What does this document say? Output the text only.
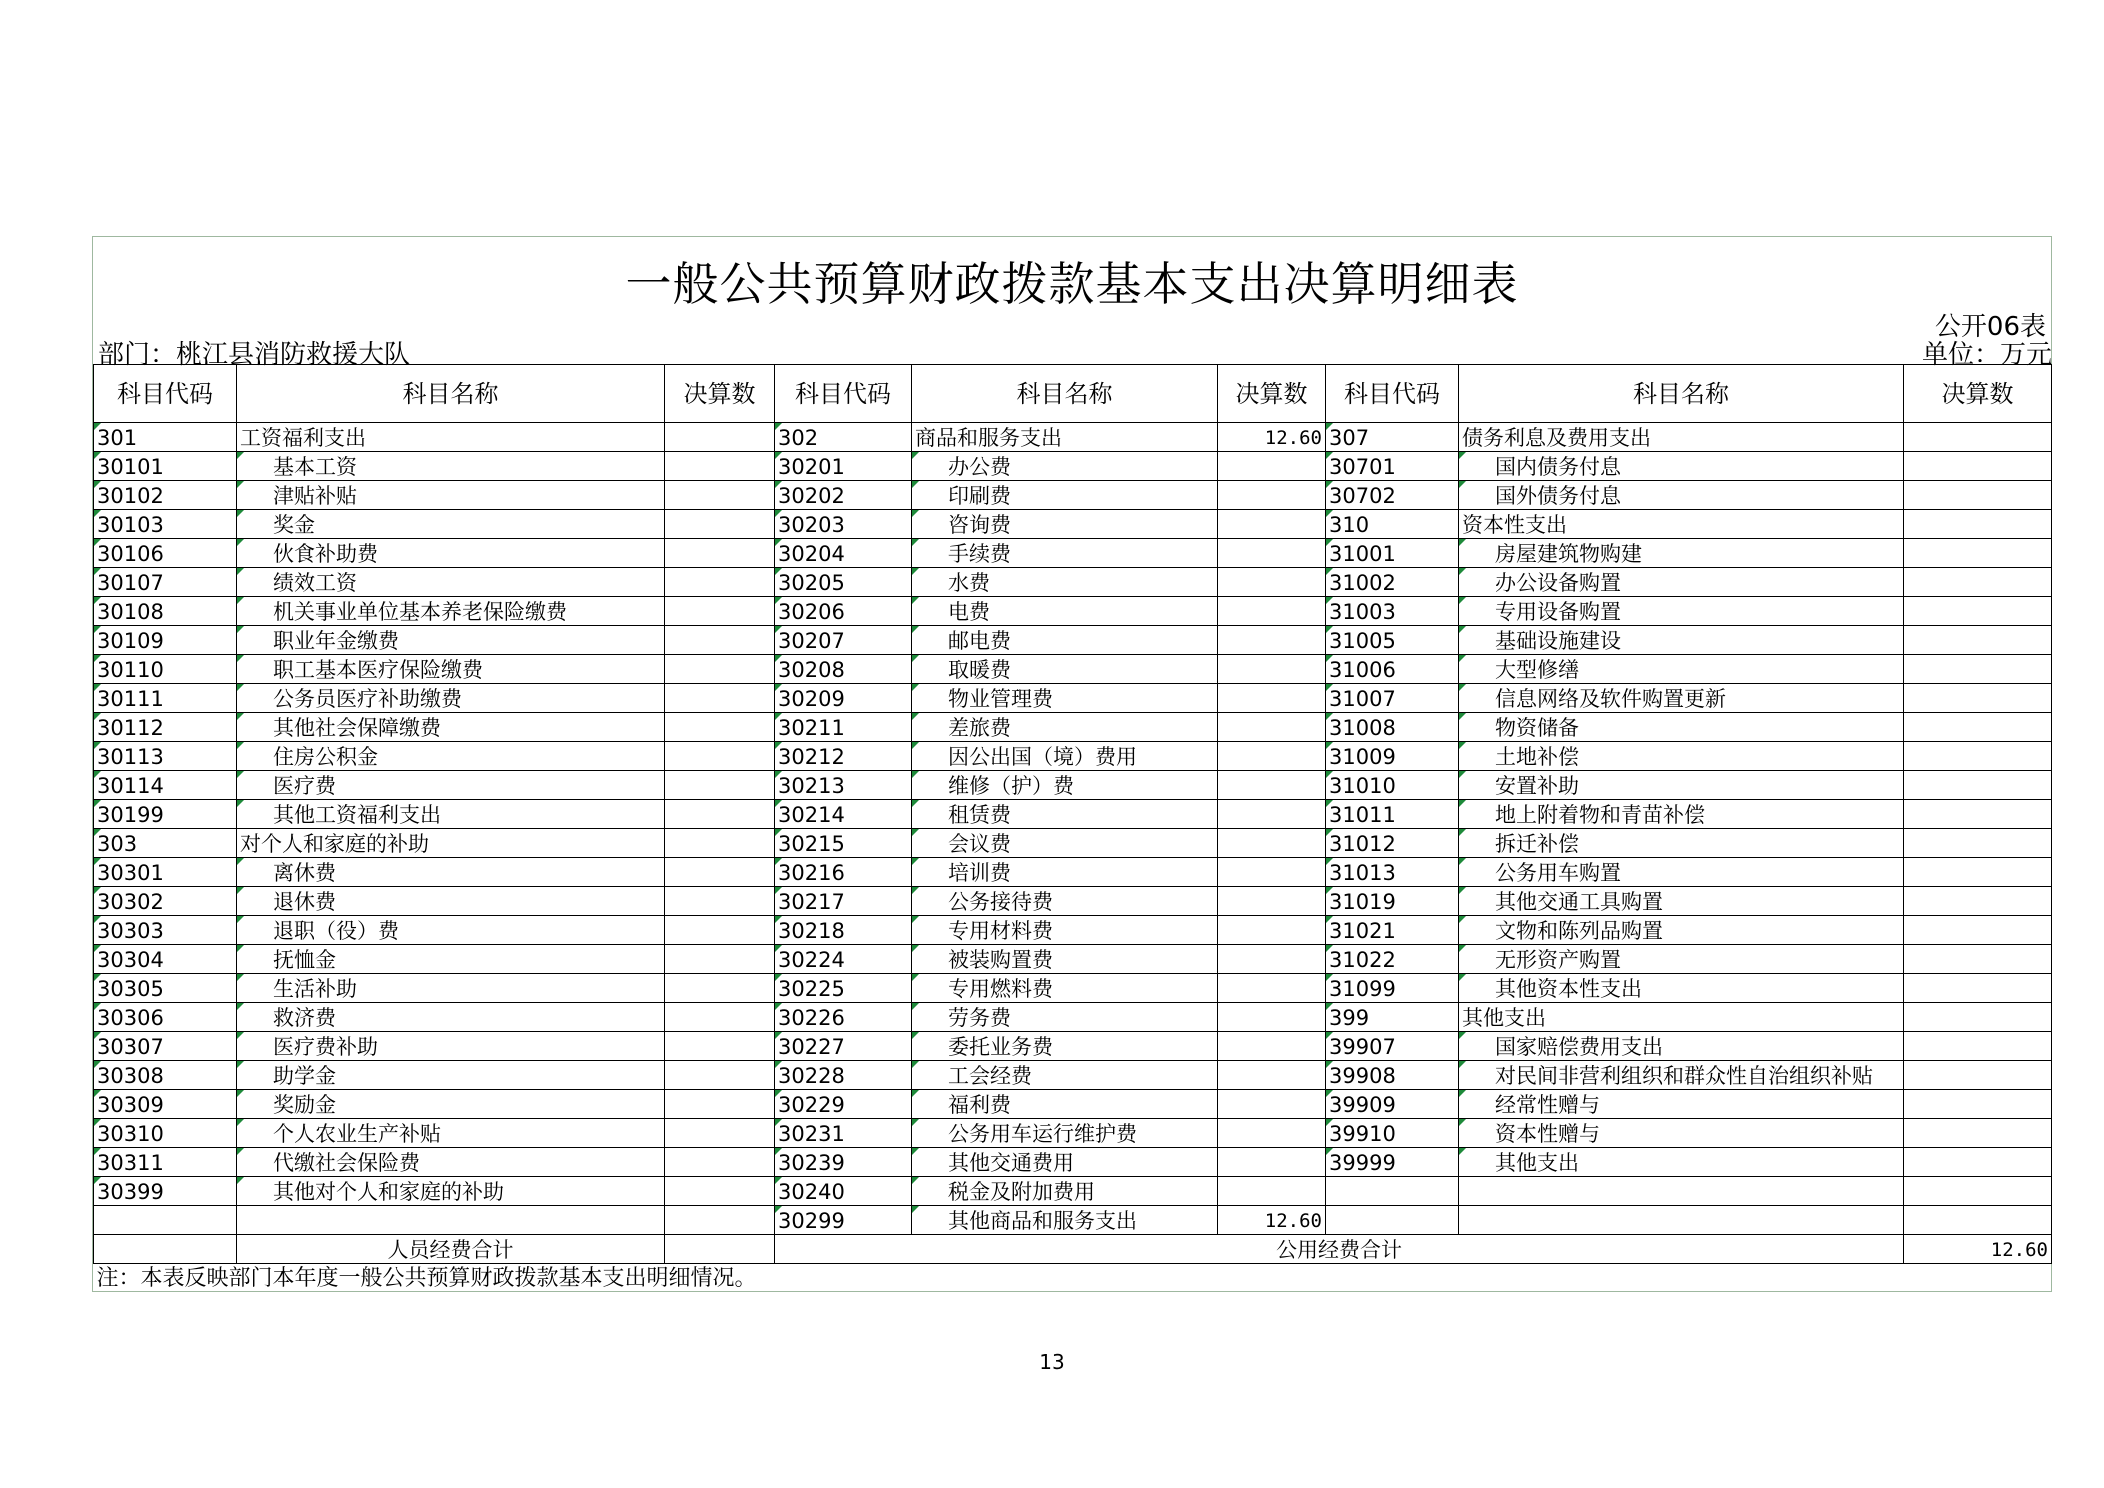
一般公共预算财政拨款基本支出决算明细表
公开06表
部门：桃江县消防救援大队	单位：万元
科目代码	科目名称	决算数	科目代码	科目名称	决算数	科目代码	科目名称	决算数
301	工资福利支出		302	商品和服务支出	12.60	307	债务利息及费用支出	
30101	基本工资		30201	办公费		30701	国内债务付息	
30102	津贴补贴		30202	印刷费		30702	国外债务付息	
30103	奖金		30203	咨询费		310	资本性支出	
30106	伙食补助费		30204	手续费		31001	房屋建筑物购建	
30107	绩效工资		30205	水费		31002	办公设备购置	
30108	机关事业单位基本养老保险缴费		30206	电费		31003	专用设备购置	
30109	职业年金缴费		30207	邮电费		31005	基础设施建设	
30110	职工基本医疗保险缴费		30208	取暖费		31006	大型修缮	
30111	公务员医疗补助缴费		30209	物业管理费		31007	信息网络及软件购置更新	
30112	其他社会保障缴费		30211	差旅费		31008	物资储备	
30113	住房公积金		30212	因公出国（境）费用		31009	土地补偿	
30114	医疗费		30213	维修（护）费		31010	安置补助	
30199	其他工资福利支出		30214	租赁费		31011	地上附着物和青苗补偿	
303	对个人和家庭的补助		30215	会议费		31012	拆迁补偿	
30301	离休费		30216	培训费		31013	公务用车购置	
30302	退休费		30217	公务接待费		31019	其他交通工具购置	
30303	退职（役）费		30218	专用材料费		31021	文物和陈列品购置	
30304	抚恤金		30224	被装购置费		31022	无形资产购置	
30305	生活补助		30225	专用燃料费		31099	其他资本性支出	
30306	救济费		30226	劳务费		399	其他支出	
30307	医疗费补助		30227	委托业务费		39907	国家赔偿费用支出	
30308	助学金		30228	工会经费		39908	对民间非营利组织和群众性自治组织补贴	
30309	奖励金		30229	福利费		39909	经常性赠与	
30310	个人农业生产补贴		30231	公务用车运行维护费		39910	资本性赠与	
30311	代缴社会保险费		30239	其他交通费用		39999	其他支出	
30399	其他对个人和家庭的补助		30240	税金及附加费用				
			30299	其他商品和服务支出	12.60			
	人员经费合计		公用经费合计					12.60
注：本表反映部门本年度一般公共预算财政拨款基本支出明细情况。								
13
